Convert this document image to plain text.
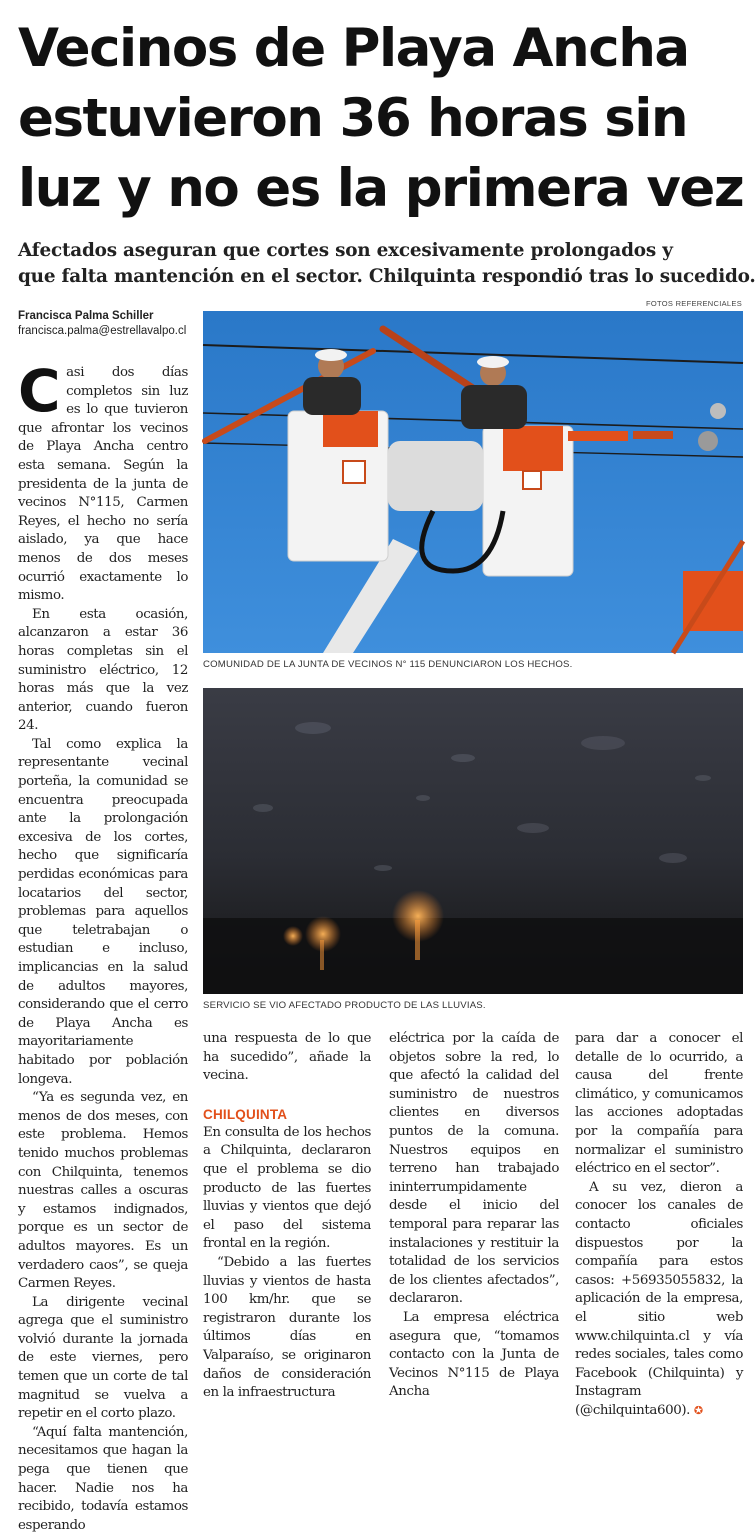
Vecinos de Playa Ancha
estuvieron 36 horas sin
luz y no es la primera vez
Afectados aseguran que cortes son excesivamente prolongados y
que falta mantención en el sector. Chilquinta respondió tras lo sucedido.
Francisca Palma Schiller
francisca.palma@estrellavalpo.cl
FOTOS REFERENCIALES
COMUNIDAD DE LA JUNTA DE VECINOS N° 115 DENUNCIARON LOS HECHOS.
SERVICIO SE VIO AFECTADO PRODUCTO DE LAS LLUVIAS.
C asi dos días completos sin luz es lo que tuvieron que afrontar los vecinos de Playa Ancha centro esta semana. Según la presidenta de la junta de vecinos N°115, Carmen Reyes, el hecho no sería aislado, ya que hace menos de dos meses ocurrió exactamente lo mismo.

En esta ocasión, alcanzaron a estar 36 horas completas sin el suministro eléctrico, 12 horas más que la vez anterior, cuando fueron 24.

Tal como explica la representante vecinal porteña, la comunidad se encuentra preocupada ante la prolongación excesiva de los cortes, hecho que significaría perdidas económicas para locatarios del sector, problemas para aquellos que teletrabajan o estudian e incluso, implicancias en la salud de adultos mayores, considerando que el cerro de Playa Ancha es mayoritariamente habitado por población longeva.

“Ya es segunda vez, en menos de dos meses, con este problema. Hemos tenido muchos problemas con Chilquinta, tenemos nuestras calles a oscuras y estamos indignados, porque es un sector de adultos mayores. Es un verdadero caos”, se queja Carmen Reyes.

La dirigente vecinal agrega que el suministro volvió durante la jornada de este viernes, pero temen que un corte de tal magnitud se vuelva a repetir en el corto plazo.

“Aquí falta mantención, necesitamos que hagan la pega que tienen que hacer. Nadie nos ha recibido, todavía estamos esperando

una respuesta de lo que ha sucedido”, añade la vecina.

CHILQUINTA

En consulta de los hechos a Chilquinta, declararon que el problema se dio producto de las fuertes lluvias y vientos que dejó el paso del sistema frontal en la región.

“Debido a las fuertes lluvias y vientos de hasta 100 km/hr. que se registraron durante los últimos días en Valparaíso, se originaron daños de consideración en la infraestructura

eléctrica por la caída de objetos sobre la red, lo que afectó la calidad del suministro de nuestros clientes en diversos puntos de la comuna. Nuestros equipos en terreno han trabajado ininterrumpidamente desde el inicio del temporal para reparar las instalaciones y restituir la totalidad de los servicios de los clientes afectados”, declararon.

La empresa eléctrica asegura que, “tomamos contacto con la Junta de Vecinos N°115 de Playa Ancha

para dar a conocer el detalle de lo ocurrido, a causa del frente climático, y comunicamos las acciones adoptadas por la compañía para normalizar el suministro eléctrico en el sector”.

A su vez, dieron a conocer los canales de contacto oficiales dispuestos por la compañía para estos casos: +56935055832, la aplicación de la empresa, el sitio web www.chilquinta.cl y vía redes sociales, tales como Facebook (Chilquinta) y Instagram (@chilquinta600). ✪
